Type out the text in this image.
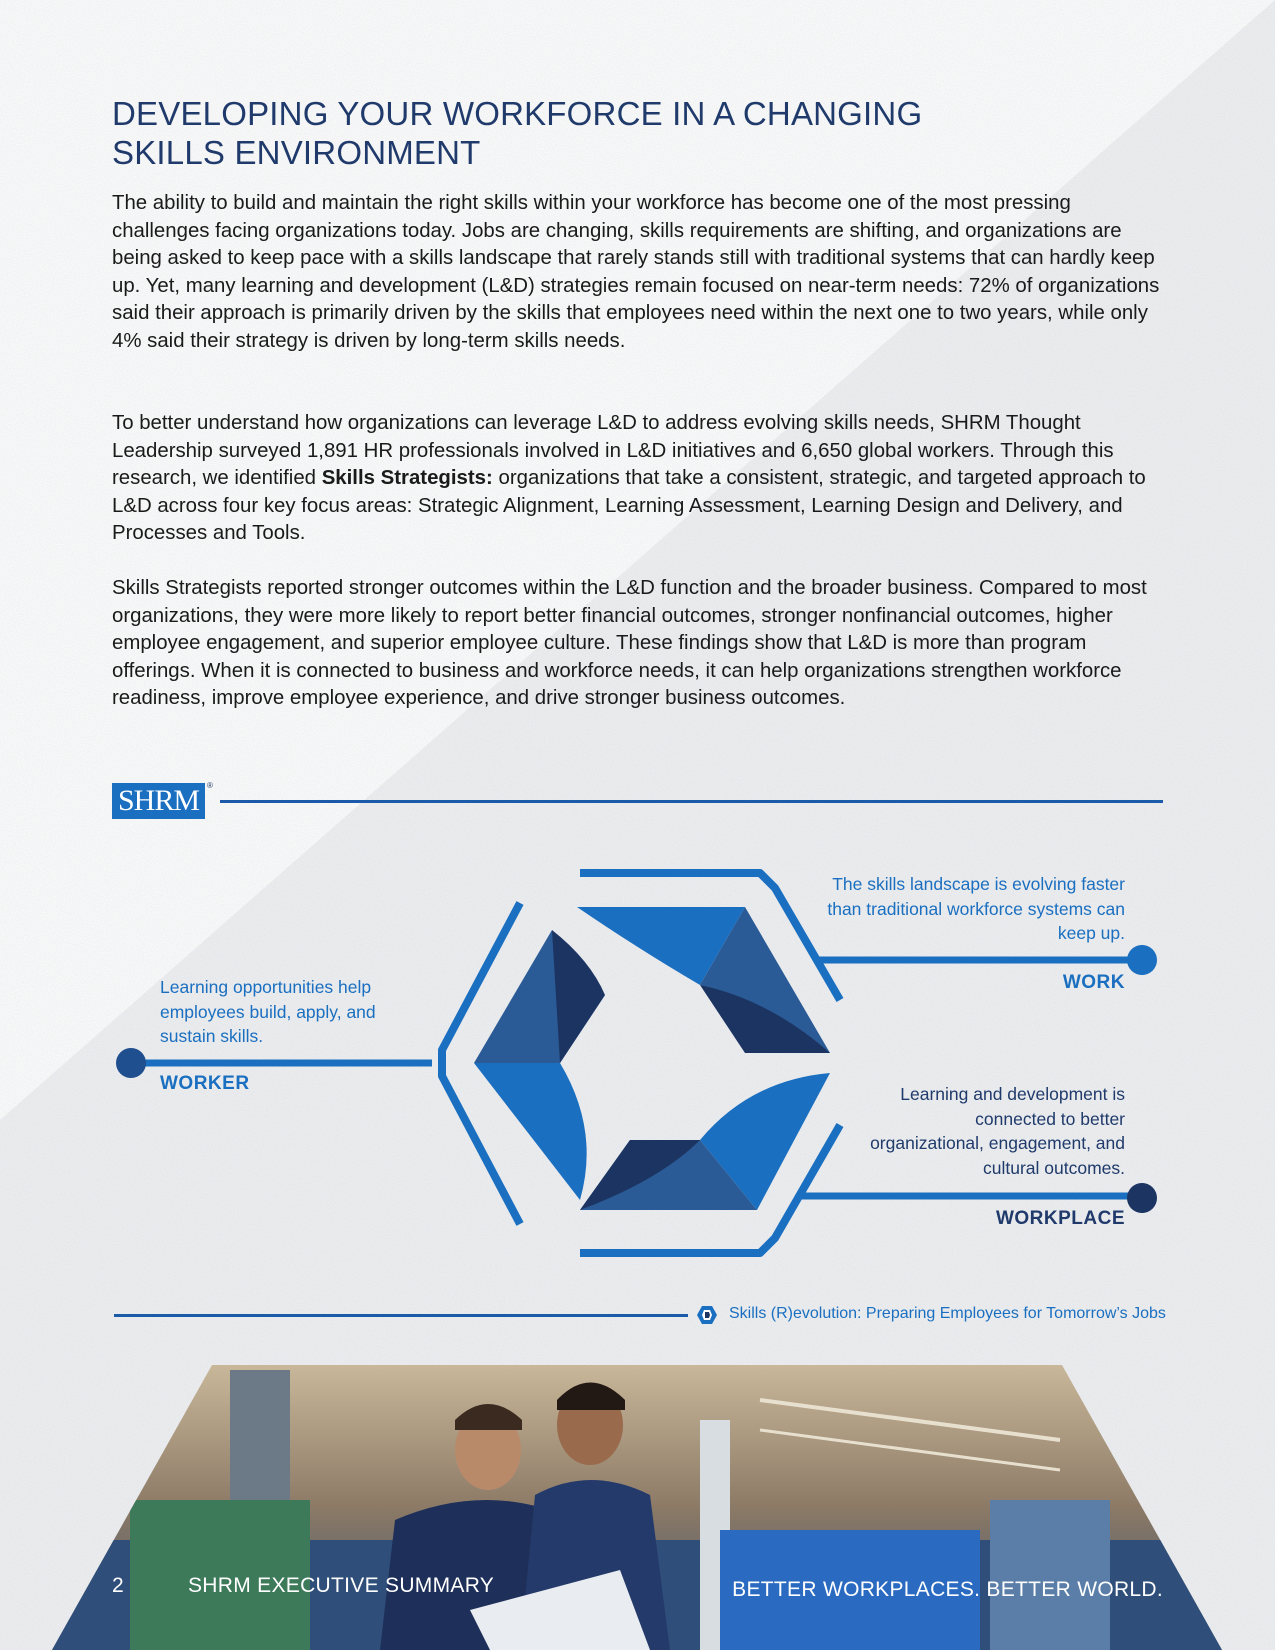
DEVELOPING YOUR WORKFORCE IN A CHANGING SKILLS ENVIRONMENT

The ability to build and maintain the right skills within your workforce has become one of the most pressing challenges facing organizations today. Jobs are changing, skills requirements are shifting, and organizations are being asked to keep pace with a skills landscape that rarely stands still with traditional systems that can hardly keep up. Yet, many learning and development (L&D) strategies remain focused on near-term needs: 72% of organizations said their approach is primarily driven by the skills that employees need within the next one to two years, while only 4% said their strategy is driven by long-term skills needs.

To better understand how organizations can leverage L&D to address evolving skills needs, SHRM Thought Leadership surveyed 1,891 HR professionals involved in L&D initiatives and 6,650 global workers. Through this research, we identified Skills Strategists: organizations that take a consistent, strategic, and targeted approach to L&D across four key focus areas: Strategic Alignment, Learning Assessment, Learning Design and Delivery, and Processes and Tools.

Skills Strategists reported stronger outcomes within the L&D function and the broader business. Compared to most organizations, they were more likely to report better financial outcomes, stronger nonfinancial outcomes, higher employee engagement, and superior employee culture. These findings show that L&D is more than program offerings. When it is connected to business and workforce needs, it can help organizations strengthen workforce readiness, improve employee experience, and drive stronger business outcomes.

SHRM ®

The skills landscape is evolving faster than traditional workforce systems can keep up.

WORK

Learning opportunities help employees build, apply, and sustain skills.

WORKER	Learning and development is connected to better organizational, engagement, and cultural outcomes.

WORKPLACE

Skills (R)evolution: Preparing Employees for Tomorrow’s Jobs

2	SHRM EXECUTIVE SUMMARY	BETTER WORKPLACES. BETTER WORLD.
